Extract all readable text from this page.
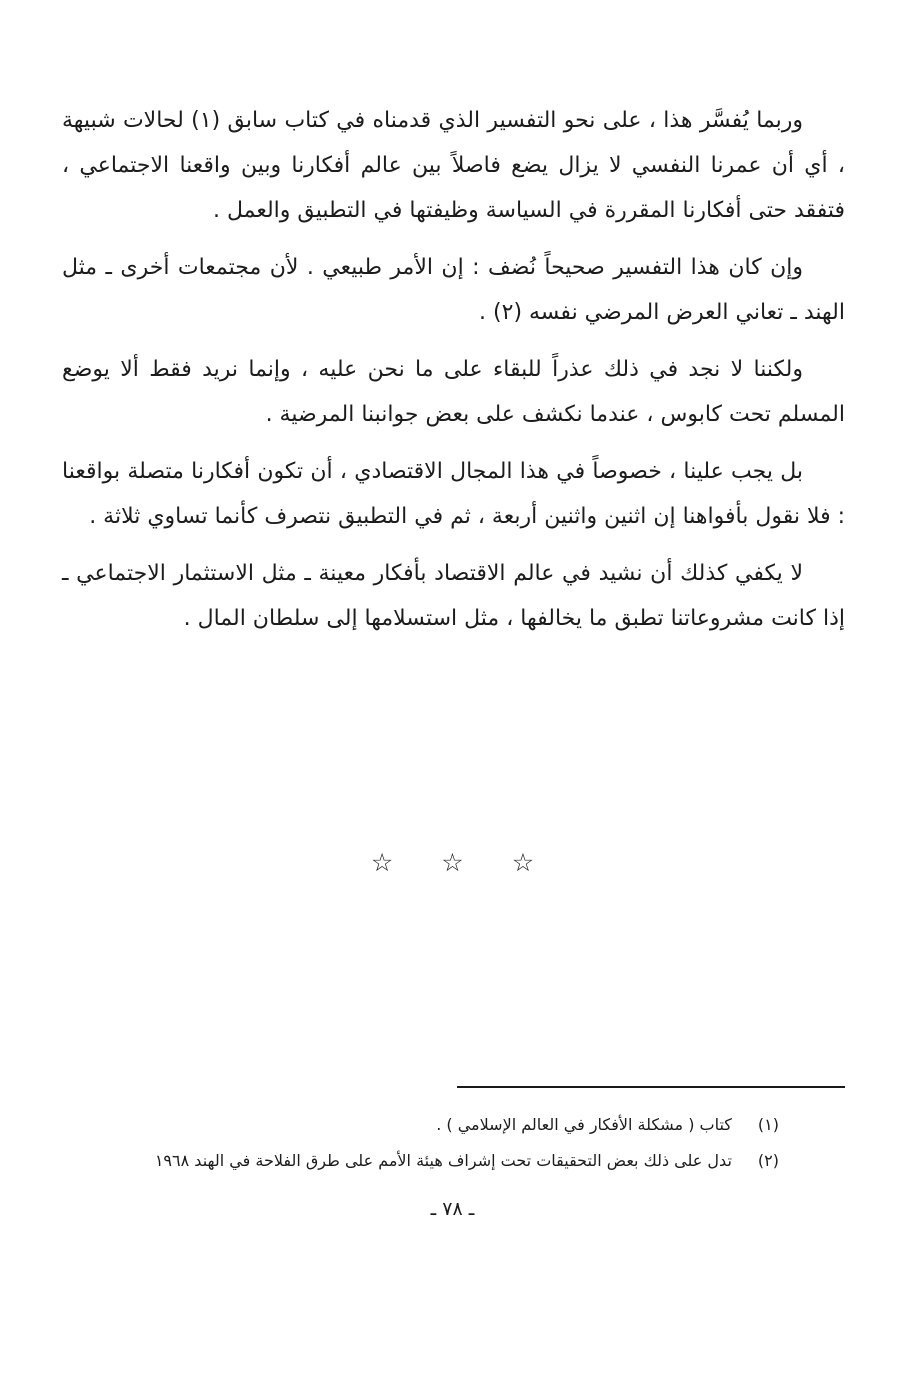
وربما يُفسَّر هذا ، على نحو التفسير الذي قدمناه في كتاب سابق (١) لحالات شبيهة ، أي أن عمرنا النفسي لا يزال يضع فاصلاً بين عالم أفكارنا وبين واقعنا الاجتماعي ، فتفقد حتى أفكارنا المقررة في السياسة وظيفتها في التطبيق والعمل .

وإن كان هذا التفسير صحيحاً نُضف : إن الأمر طبيعي . لأن مجتمعات أخرى ـ مثل الهند ـ تعاني العرض المرضي نفسه (٢) .

ولكننا لا نجد في ذلك عذراً للبقاء على ما نحن عليه ، وإنما نريد فقط ألا يوضع المسلم تحت كابوس ، عندما نكشف على بعض جوانبنا المرضية .

بل يجب علينا ، خصوصاً في هذا المجال الاقتصادي ، أن تكون أفكارنا متصلة بواقعنا : فلا نقول بأفواهنا إن اثنين واثنين أربعة ، ثم في التطبيق نتصرف كأنما تساوي ثلاثة .

لا يكفي كذلك أن نشيد في عالم الاقتصاد بأفكار معينة ـ مثل الاستثمار الاجتماعي ـ إذا كانت مشروعاتنا تطبق ما يخالفها ، مثل استسلامها إلى سلطان المال .

☆
☆
☆
(١)
كتاب ( مشكلة الأفكار في العالم الإسلامي ) .
(٢)
تدل على ذلك بعض التحقيقات تحت إشراف هيئة الأمم على طرق الفلاحة في الهند ١٩٦٨
ـ ٧٨ ـ
